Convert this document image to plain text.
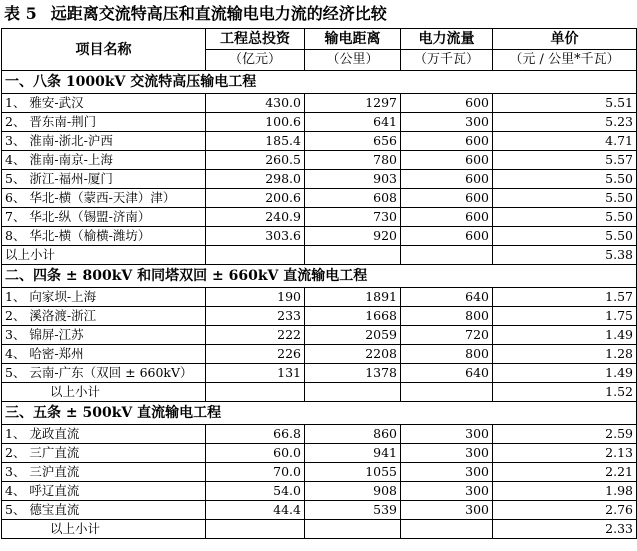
表 5 远距离交流特高压和直流输电电力流的经济比较
项目名称	工程总投资	输电距离	电力流量	单价
	（亿元）	（公里）	（万千瓦）	（元 / 公里*千瓦）
一、八条 1000kV 交流特高压输电工程				
1、 雅安-武汉	430.0	1297	600	5.51
2、 晋东南-荆门	100.6	641	300	5.23
3、 淮南-浙北-沪西	185.4	656	600	4.71
4、 淮南-南京-上海	260.5	780	600	5.57
5、 浙江-福州-厦门	298.0	903	600	5.50
6、 华北-横（蒙西-天津）津）	200.6	608	600	5.50
7、 华北-纵（锡盟-济南）	240.9	730	600	5.50
8、 华北-横（榆横-潍坊）	303.6	920	600	5.50
以上小计				5.38
二、四条 ± 800kV 和同塔双回 ± 660kV 直流输电工程				
1、 向家坝-上海	190	1891	640	1.57
2、 溪洛渡-浙江	233	1668	800	1.75
3、 锦屏-江苏	222	2059	720	1.49
4、 哈密-郑州	226	2208	800	1.28
5、 云南-广东（双回 ± 660kV）	131	1378	640	1.49
以上小计				1.52
三、五条 ± 500kV 直流输电工程				
1、 龙政直流	66.8	860	300	2.59
2、 三广直流	60.0	941	300	2.13
3、 三沪直流	70.0	1055	300	2.21
4、 呼辽直流	54.0	908	300	1.98
5、 德宝直流	44.4	539	300	2.76
以上小计				2.33
